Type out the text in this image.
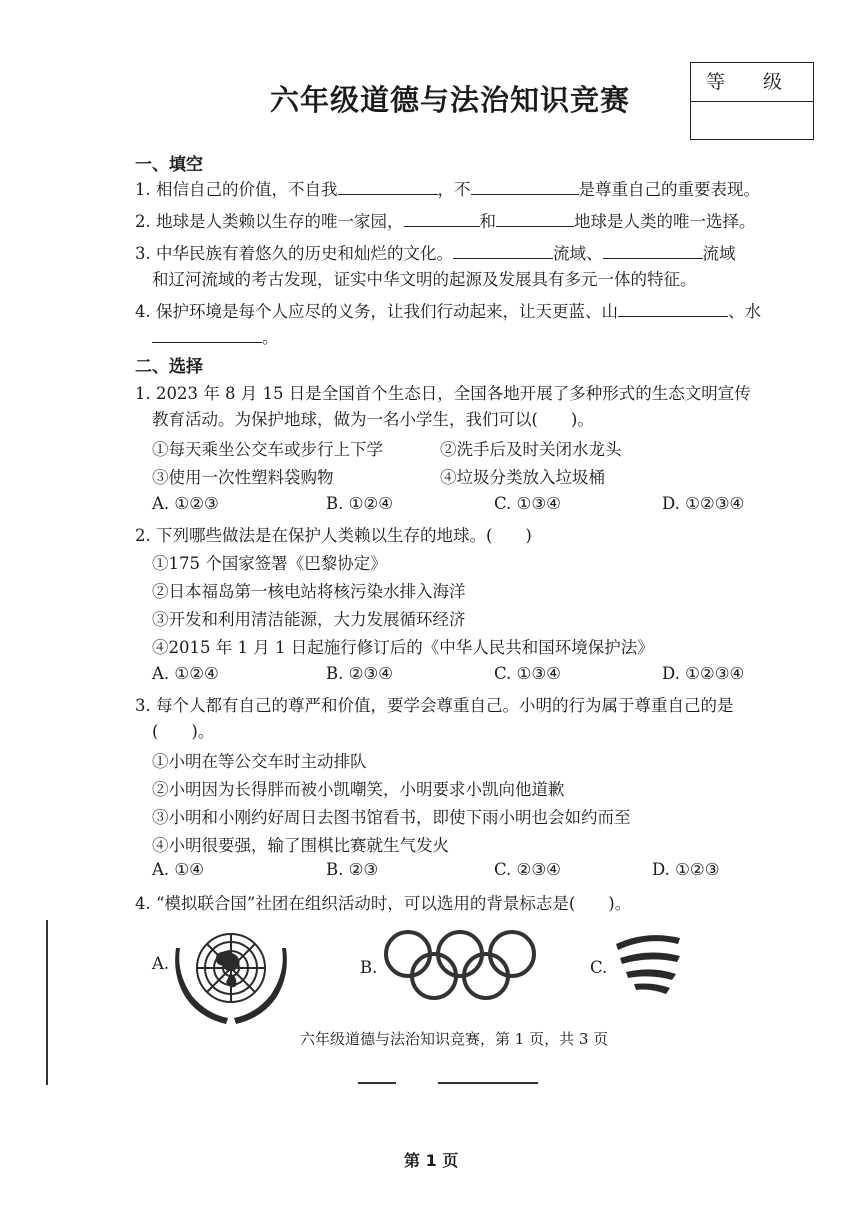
六年级道德与法治知识竞赛
等 级
一、填空
1. 相信自己的价值，不自我	，不	是尊重自己的重要表现。
2. 地球是人类赖以生存的唯一家园，	和	地球是人类的唯一选择。
3. 中华民族有着悠久的历史和灿烂的文化。	流域、	流域
和辽河流域的考古发现，证实中华文明的起源及发展具有多元一体的特征。
4. 保护环境是每个人应尽的义务，让我们行动起来，让天更蓝、山	、水
。
二、选择
1. 2023 年 8 月 15 日是全国首个生态日，全国各地开展了多种形式的生态文明宣传
教育活动。为保护地球，做为一名小学生，我们可以(　　)。
①每天乘坐公交车或步行上下学	②洗手后及时关闭水龙头
③使用一次性塑料袋购物	④垃圾分类放入垃圾桶
A. ①②③	B. ①②④	C. ①③④	D. ①②③④
2. 下列哪些做法是在保护人类赖以生存的地球。(　　)
①175 个国家签署《巴黎协定》
②日本福岛第一核电站将核污染水排入海洋
③开发和利用清洁能源，大力发展循环经济
④2015 年 1 月 1 日起施行修订后的《中华人民共和国环境保护法》
A. ①②④	B. ②③④	C. ①③④	D. ①②③④
3. 每个人都有自己的尊严和价值，要学会尊重自己。小明的行为属于尊重自己的是
(　　)。
①小明在等公交车时主动排队
②小明因为长得胖而被小凯嘲笑，小明要求小凯向他道歉
③小明和小刚约好周日去图书馆看书，即使下雨小明也会如约而至
④小明很要强，输了围棋比赛就生气发火
A. ①④	B. ②③	C. ②③④	D. ①②③
4. “模拟联合国”社团在组织活动时，可以选用的背景标志是(　　)。
A.	B.	C.
六年级道德与法治知识竞赛，第 1 页，共 3 页
第 1 页
